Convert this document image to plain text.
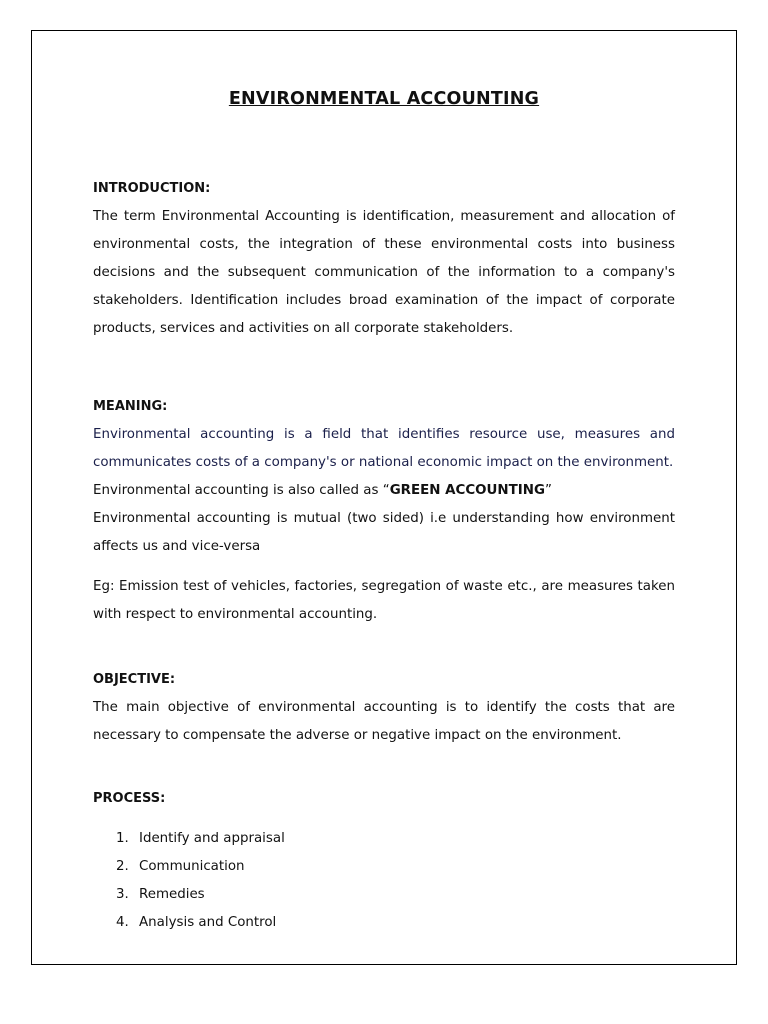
ENVIRONMENTAL ACCOUNTING

INTRODUCTION:

The term Environmental Accounting is identification, measurement and allocation of environmental costs, the integration of these environmental costs into business decisions and the subsequent communication of the information to a company's stakeholders. Identification includes broad examination of the impact of corporate products, services and activities on all corporate stakeholders.

MEANING:

Environmental accounting is a field that identifies resource use, measures and communicates costs of a company's or national economic impact on the environment.

Environmental accounting is also called as “GREEN ACCOUNTING”

Environmental accounting is mutual (two sided) i.e understanding how environment affects us and vice-versa

Eg: Emission test of vehicles, factories, segregation of waste etc., are measures taken with respect to environmental accounting.

OBJECTIVE:

The main objective of environmental accounting is to identify the costs that are necessary to compensate the adverse or negative impact on the environment.

PROCESS:

1. Identify and appraisal
2. Communication
3. Remedies
4. Analysis and Control
